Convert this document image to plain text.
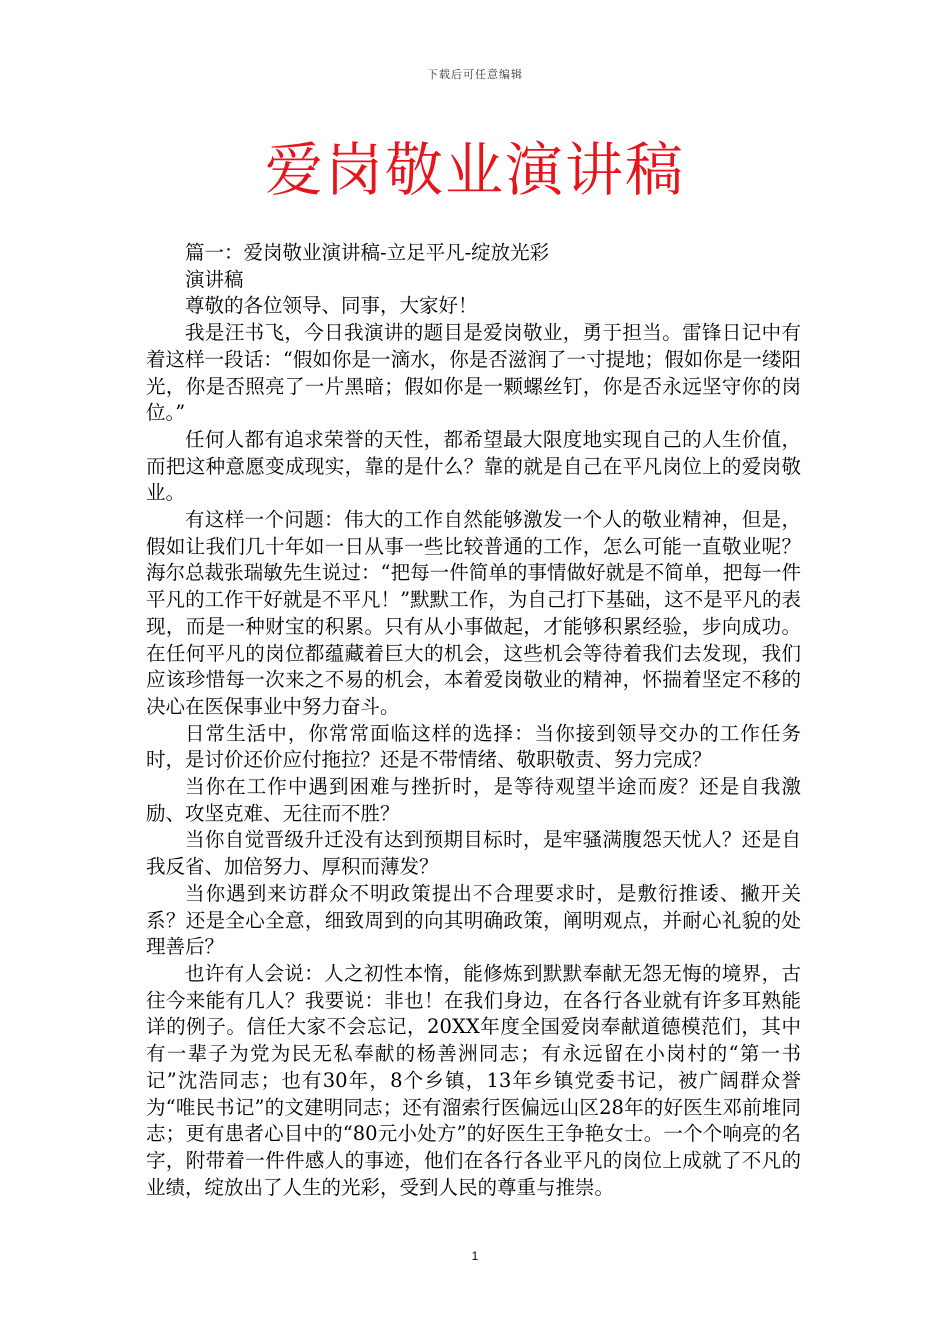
下载后可任意编辑
爱岗敬业演讲稿

篇一：爱岗敬业演讲稿-立足平凡-绽放光彩

演讲稿

尊敬的各位领导、同事，大家好！

我是汪书飞，今日我演讲的题目是爱岗敬业，勇于担当。雷锋日记中有着这样一段话：“假如你是一滴水，你是否滋润了一寸提地；假如你是一缕阳光，你是否照亮了一片黑暗；假如你是一颗螺丝钉，你是否永远坚守你的岗位。”

任何人都有追求荣誉的天性，都希望最大限度地实现自己的人生价值，而把这种意愿变成现实，靠的是什么？靠的就是自己在平凡岗位上的爱岗敬业。

有这样一个问题：伟大的工作自然能够激发一个人的敬业精神，但是，假如让我们几十年如一日从事一些比较普通的工作，怎么可能一直敬业呢？海尔总裁张瑞敏先生说过：“把每一件简单的事情做好就是不简单，把每一件平凡的工作干好就是不平凡！”默默工作，为自己打下基础，这不是平凡的表现，而是一种财宝的积累。只有从小事做起，才能够积累经验，步向成功。在任何平凡的岗位都蕴藏着巨大的机会，这些机会等待着我们去发现，我们应该珍惜每一次来之不易的机会，本着爱岗敬业的精神，怀揣着坚定不移的决心在医保事业中努力奋斗。

日常生活中，你常常面临这样的选择：当你接到领导交办的工作任务时，是讨价还价应付拖拉？还是不带情绪、敬职敬责、努力完成？

当你在工作中遇到困难与挫折时，是等待观望半途而废？还是自我激励、攻坚克难、无往而不胜？

当你自觉晋级升迁没有达到预期目标时，是牢骚满腹怨天忧人？还是自我反省、加倍努力、厚积而薄发？

当你遇到来访群众不明政策提出不合理要求时，是敷衍推诿、撇开关系？还是全心全意，细致周到的向其明确政策，阐明观点，并耐心礼貌的处理善后？

也许有人会说：人之初性本惰，能修炼到默默奉献无怨无悔的境界，古往今来能有几人？我要说：非也！在我们身边，在各行各业就有许多耳熟能详的例子。信任大家不会忘记，20XX年度全国爱岗奉献道德模范们，其中有一辈子为党为民无私奉献的杨善洲同志；有永远留在小岗村的“第一书记”沈浩同志；也有30年，8个乡镇，13年乡镇党委书记，被广阔群众誉为“唯民书记”的文建明同志；还有溜索行医偏远山区28年的好医生邓前堆同志；更有患者心目中的“80元小处方”的好医生王争艳女士。一个个响亮的名字，附带着一件件感人的事迹，他们在各行各业平凡的岗位上成就了不凡的业绩，绽放出了人生的光彩，受到人民的尊重与推崇。

1
